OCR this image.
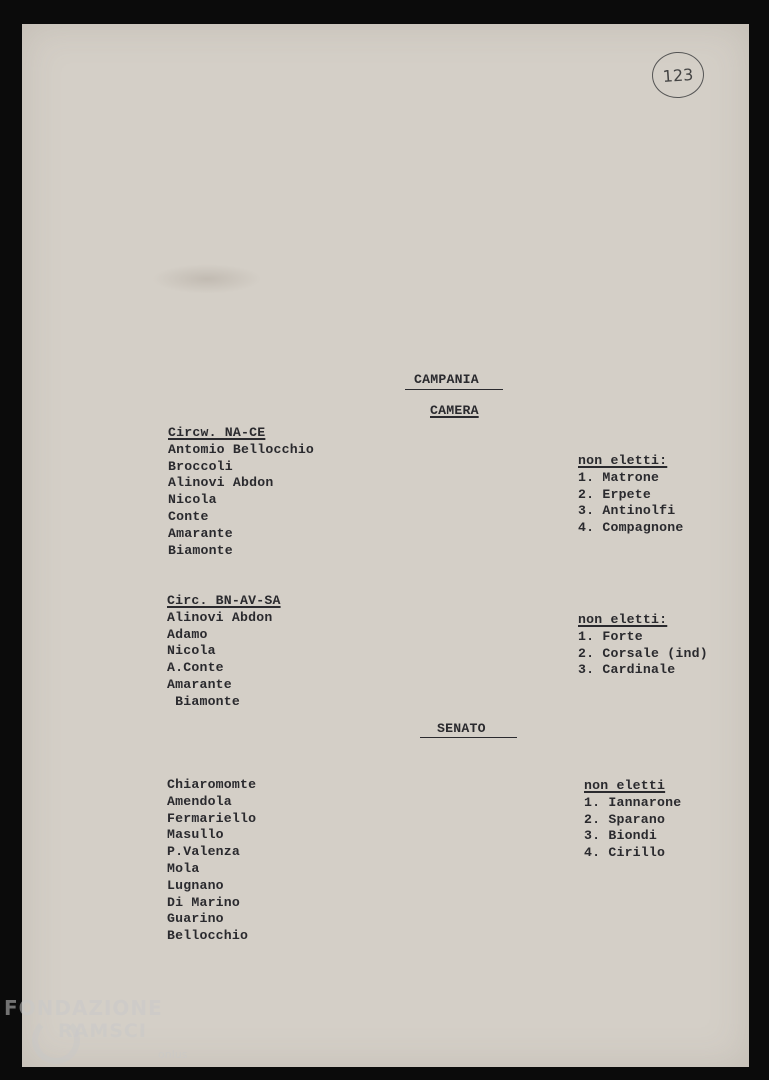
123
CAMPANIA
CAMERA
Circw. NA-CE
Antomio Bellocchio
Broccoli
Alinovi Abdon
Nicola
Conte
Amarante
Biamonte
non eletti:
1. Matrone
2. Erpete
3. Antinolfi
4. Compagnone
Circ. BN-AV-SA
Alinovi Abdon
Adamo
Nicola
A.Conte
Amarante
Biamonte
non eletti:
1. Forte
2. Corsale (ind)
3. Cardinale
SENATO
Chiaromomte
Amendola
Fermariello
Masullo
P.Valenza
Mola
Lugnano
Di Marino
Guarino
Bellocchio
non eletti
1. Iannarone
2. Sparano
3. Biondi
4. Cirillo
FONDAZIONE
RAMSCI
onlus
